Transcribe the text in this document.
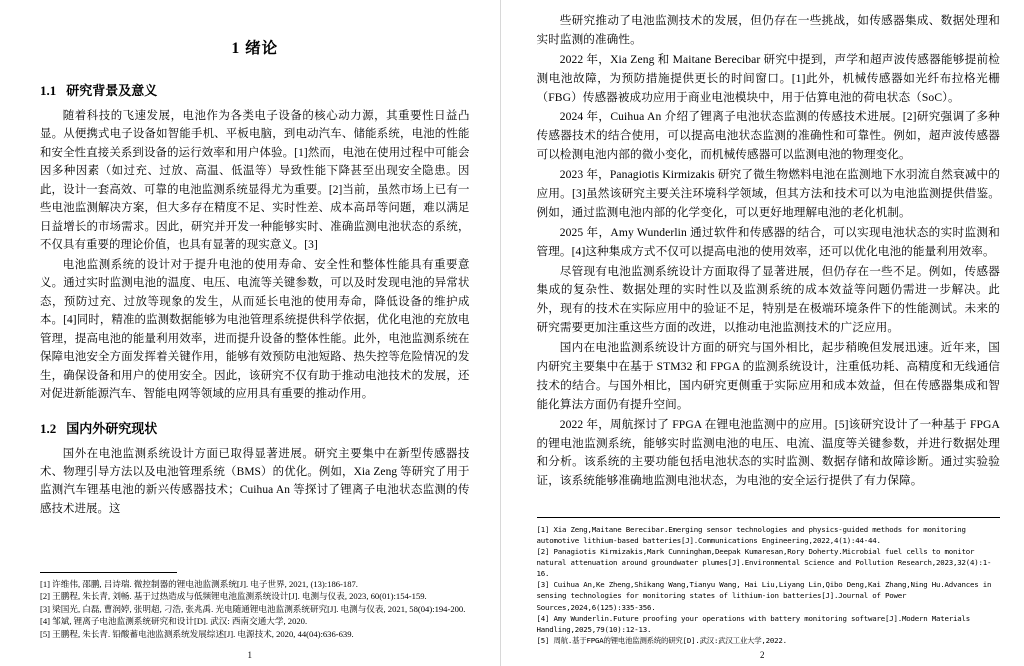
1 绪论
1.1 研究背景及意义

随着科技的飞速发展，电池作为各类电子设备的核心动力源，其重要性日益凸显。从便携式电子设备如智能手机、平板电脑，到电动汽车、储能系统，电池的性能和安全性直接关系到设备的运行效率和用户体验。[1]然而，电池在使用过程中可能会因多种因素（如过充、过放、高温、低温等）导致性能下降甚至出现安全隐患。因此，设计一套高效、可靠的电池监测系统显得尤为重要。[2]当前，虽然市场上已有一些电池监测解决方案，但大多存在精度不足、实时性差、成本高昂等问题，难以满足日益增长的市场需求。因此，研究并开发一种能够实时、准确监测电池状态的系统，不仅具有重要的理论价值，也具有显著的现实意义。[3]

电池监测系统的设计对于提升电池的使用寿命、安全性和整体性能具有重要意义。通过实时监测电池的温度、电压、电流等关键参数，可以及时发现电池的异常状态，预防过充、过放等现象的发生，从而延长电池的使用寿命，降低设备的维护成本。[4]同时，精准的监测数据能够为电池管理系统提供科学依据，优化电池的充放电管理，提高电池的能量利用效率，进而提升设备的整体性能。此外，电池监测系统在保障电池安全方面发挥着关键作用，能够有效预防电池短路、热失控等危险情况的发生，确保设备和用户的使用安全。因此，该研究不仅有助于推动电池技术的发展，还对促进新能源汽车、智能电网等领域的应用具有重要的推动作用。

1.2 国内外研究现状

国外在电池监测系统设计方面已取得显著进展。研究主要集中在新型传感器技术、物理引导方法以及电池管理系统（BMS）的优化。例如，Xia Zeng 等研究了用于监测汽车锂基电池的新兴传感器技术；Cuihua An 等探讨了锂离子电池状态监测的传感技术进展。这

[1] 许维伟, 邵鹏, 吕诗瑞. 微控制器的锂电池监测系统[J]. 电子世界, 2021, (13):186-187.

[2] 王鹏程, 朱长青, 刘畅. 基于过热造成与低频锂电池监测系统设计[J]. 电测与仪表, 2023, 60(01):154-159.

[3] 梁国光, 白磊, 曹润婷, 张明超, 刁浩, 张兆禹. 光电随通锂电池监测系统研究[J]. 电测与仪表, 2021, 58(04):194-200.

[4] 邹斌, 锂离子电池监测系统研究和设计[D]. 武汉: 西南交通大学, 2020.

[5] 王鹏程, 朱长青. 铅酸蓄电池监测系统发展综述[J]. 电源技术, 2020, 44(04):636-639.

1

些研究推动了电池监测技术的发展，但仍存在一些挑战，如传感器集成、数据处理和实时监测的准确性。

2022 年，Xia Zeng 和 Maitane Berecibar 研究中提到，声学和超声波传感器能够提前检测电池故障，为预防措施提供更长的时间窗口。[1]此外，机械传感器如光纤布拉格光栅（FBG）传感器被成功应用于商业电池模块中，用于估算电池的荷电状态（SoC）。

2024 年，Cuihua An 介绍了锂离子电池状态监测的传感技术进展。[2]研究强调了多种传感器技术的结合使用，可以提高电池状态监测的准确性和可靠性。例如，超声波传感器可以检测电池内部的微小变化，而机械传感器可以监测电池的物理变化。

2023 年，Panagiotis Kirmizakis 研究了微生物燃料电池在监测地下水羽流自然衰减中的应用。[3]虽然该研究主要关注环境科学领域，但其方法和技术可以为电池监测提供借鉴。例如，通过监测电池内部的化学变化，可以更好地理解电池的老化机制。

2025 年，Amy Wunderlin 通过软件和传感器的结合，可以实现电池状态的实时监测和管理。[4]这种集成方式不仅可以提高电池的使用效率，还可以优化电池的能量利用效率。

尽管现有电池监测系统设计方面取得了显著进展，但仍存在一些不足。例如，传感器集成的复杂性、数据处理的实时性以及监测系统的成本效益等问题仍需进一步解决。此外，现有的技术在实际应用中的验证不足，特别是在极端环境条件下的性能测试。未来的研究需要更加注重这些方面的改进，以推动电池监测技术的广泛应用。

国内在电池监测系统设计方面的研究与国外相比，起步稍晚但发展迅速。近年来，国内研究主要集中在基于 STM32 和 FPGA 的监测系统设计，注重低功耗、高精度和无线通信技术的结合。与国外相比，国内研究更侧重于实际应用和成本效益，但在传感器集成和智能化算法方面仍有提升空间。

2022 年，周航探讨了 FPGA 在锂电池监测中的应用。[5]该研究设计了一种基于 FPGA 的锂电池监测系统，能够实时监测电池的电压、电流、温度等关键参数，并进行数据处理和分析。该系统的主要功能包括电池状态的实时监测、数据存储和故障诊断。通过实验验证，该系统能够准确地监测电池状态，为电池的安全运行提供了有力保障。

[1] Xia Zeng,Maitane Berecibar.Emerging sensor technologies and physics-guided methods for monitoring automotive lithium-based batteries[J].Communications Engineering,2022,4(1):44-44.

[2] Panagiotis Kirmizakis,Mark Cunningham,Deepak Kumaresan,Rory Doherty.Microbial fuel cells to monitor natural attenuation around groundwater plumes[J].Environmental Science and Pollution Research,2023,32(4):1-16.

[3] Cuihua An,Ke Zheng,Shikang Wang,Tianyu Wang, Hai Liu,Liyang Lin,Qibo Deng,Kai Zhang,Ning Hu.Advances in sensing technologies for monitoring states of lithium-ion batteries[J].Journal of Power Sources,2024,6(125):335-356.

[4] Amy Wunderlin.Future proofing your operations with battery monitoring software[J].Modern Materials Handling,2025,79(10):12-13.

[5] 周航.基于FPGA的锂电池监测系统的研究[D].武汉:武汉工业大学,2022.

2
